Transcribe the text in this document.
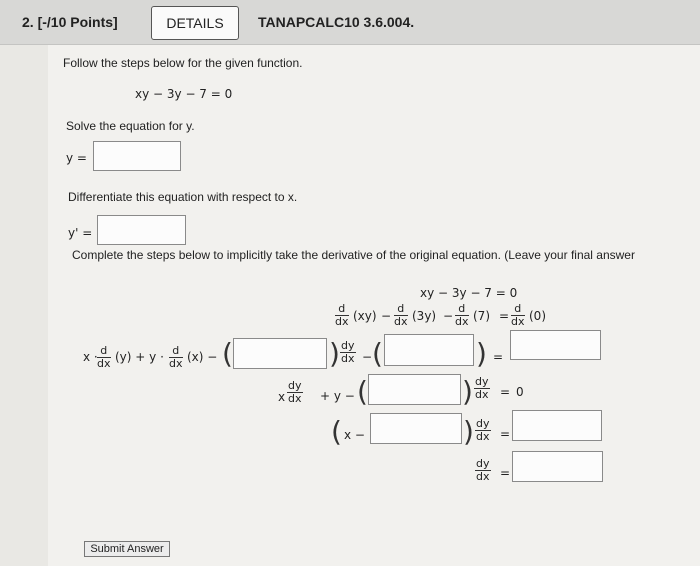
2. [-/10 Points]	DETAILS	TANAPCALC10 3.6.004.
Follow the steps below for the given function.
xy − 3y − 7 = 0
Solve the equation for y.
y =
Differentiate this equation with respect to x.
y' =
Complete the steps below to implicitly take the derivative of the original equation. (Leave your final answer
xy − 3y − 7 = 0
$\frac{d}{dx} (xy) - \frac{d}{dx} (3y) - \frac{d}{dx} (7) = \frac{d}{dx} (0)$
$x \cdot \frac{d}{dx} (y) + y \cdot \frac{d}{dx} (x)$ − (	) $\frac{dy}{dx}$ − (	) =
x $\frac{dy}{dx} + y$ − (	) $\frac{dy}{dx} = 0$
( x −	) $\frac{dy}{dx}$ =
$\frac{dy}{dx}$ =
Submit Answer
